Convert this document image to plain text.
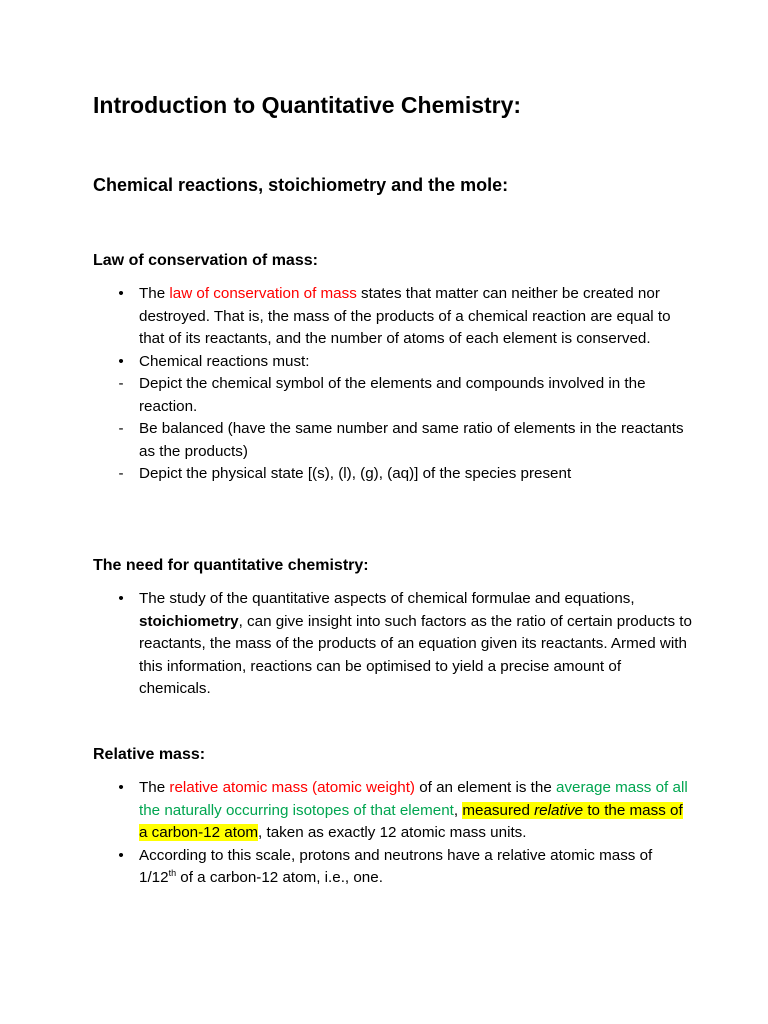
Introduction to Quantitative Chemistry:
Chemical reactions, stoichiometry and the mole:
Law of conservation of mass:
• The law of conservation of mass states that matter can neither be created nor destroyed. That is, the mass of the products of a chemical reaction are equal to that of its reactants, and the number of atoms of each element is conserved.
• Chemical reactions must:
- Depict the chemical symbol of the elements and compounds involved in the reaction.
- Be balanced (have the same number and same ratio of elements in the reactants as the products)
- Depict the physical state [(s), (l), (g), (aq)] of the species present
The need for quantitative chemistry:
• The study of the quantitative aspects of chemical formulae and equations, stoichiometry, can give insight into such factors as the ratio of certain products to reactants, the mass of the products of an equation given its reactants. Armed with this information, reactions can be optimised to yield a precise amount of chemicals.
Relative mass:
• The relative atomic mass (atomic weight) of an element is the average mass of all the naturally occurring isotopes of that element, measured relative to the mass of a carbon-12 atom, taken as exactly 12 atomic mass units.
• According to this scale, protons and neutrons have a relative atomic mass of 1/12th of a carbon-12 atom, i.e., one.
